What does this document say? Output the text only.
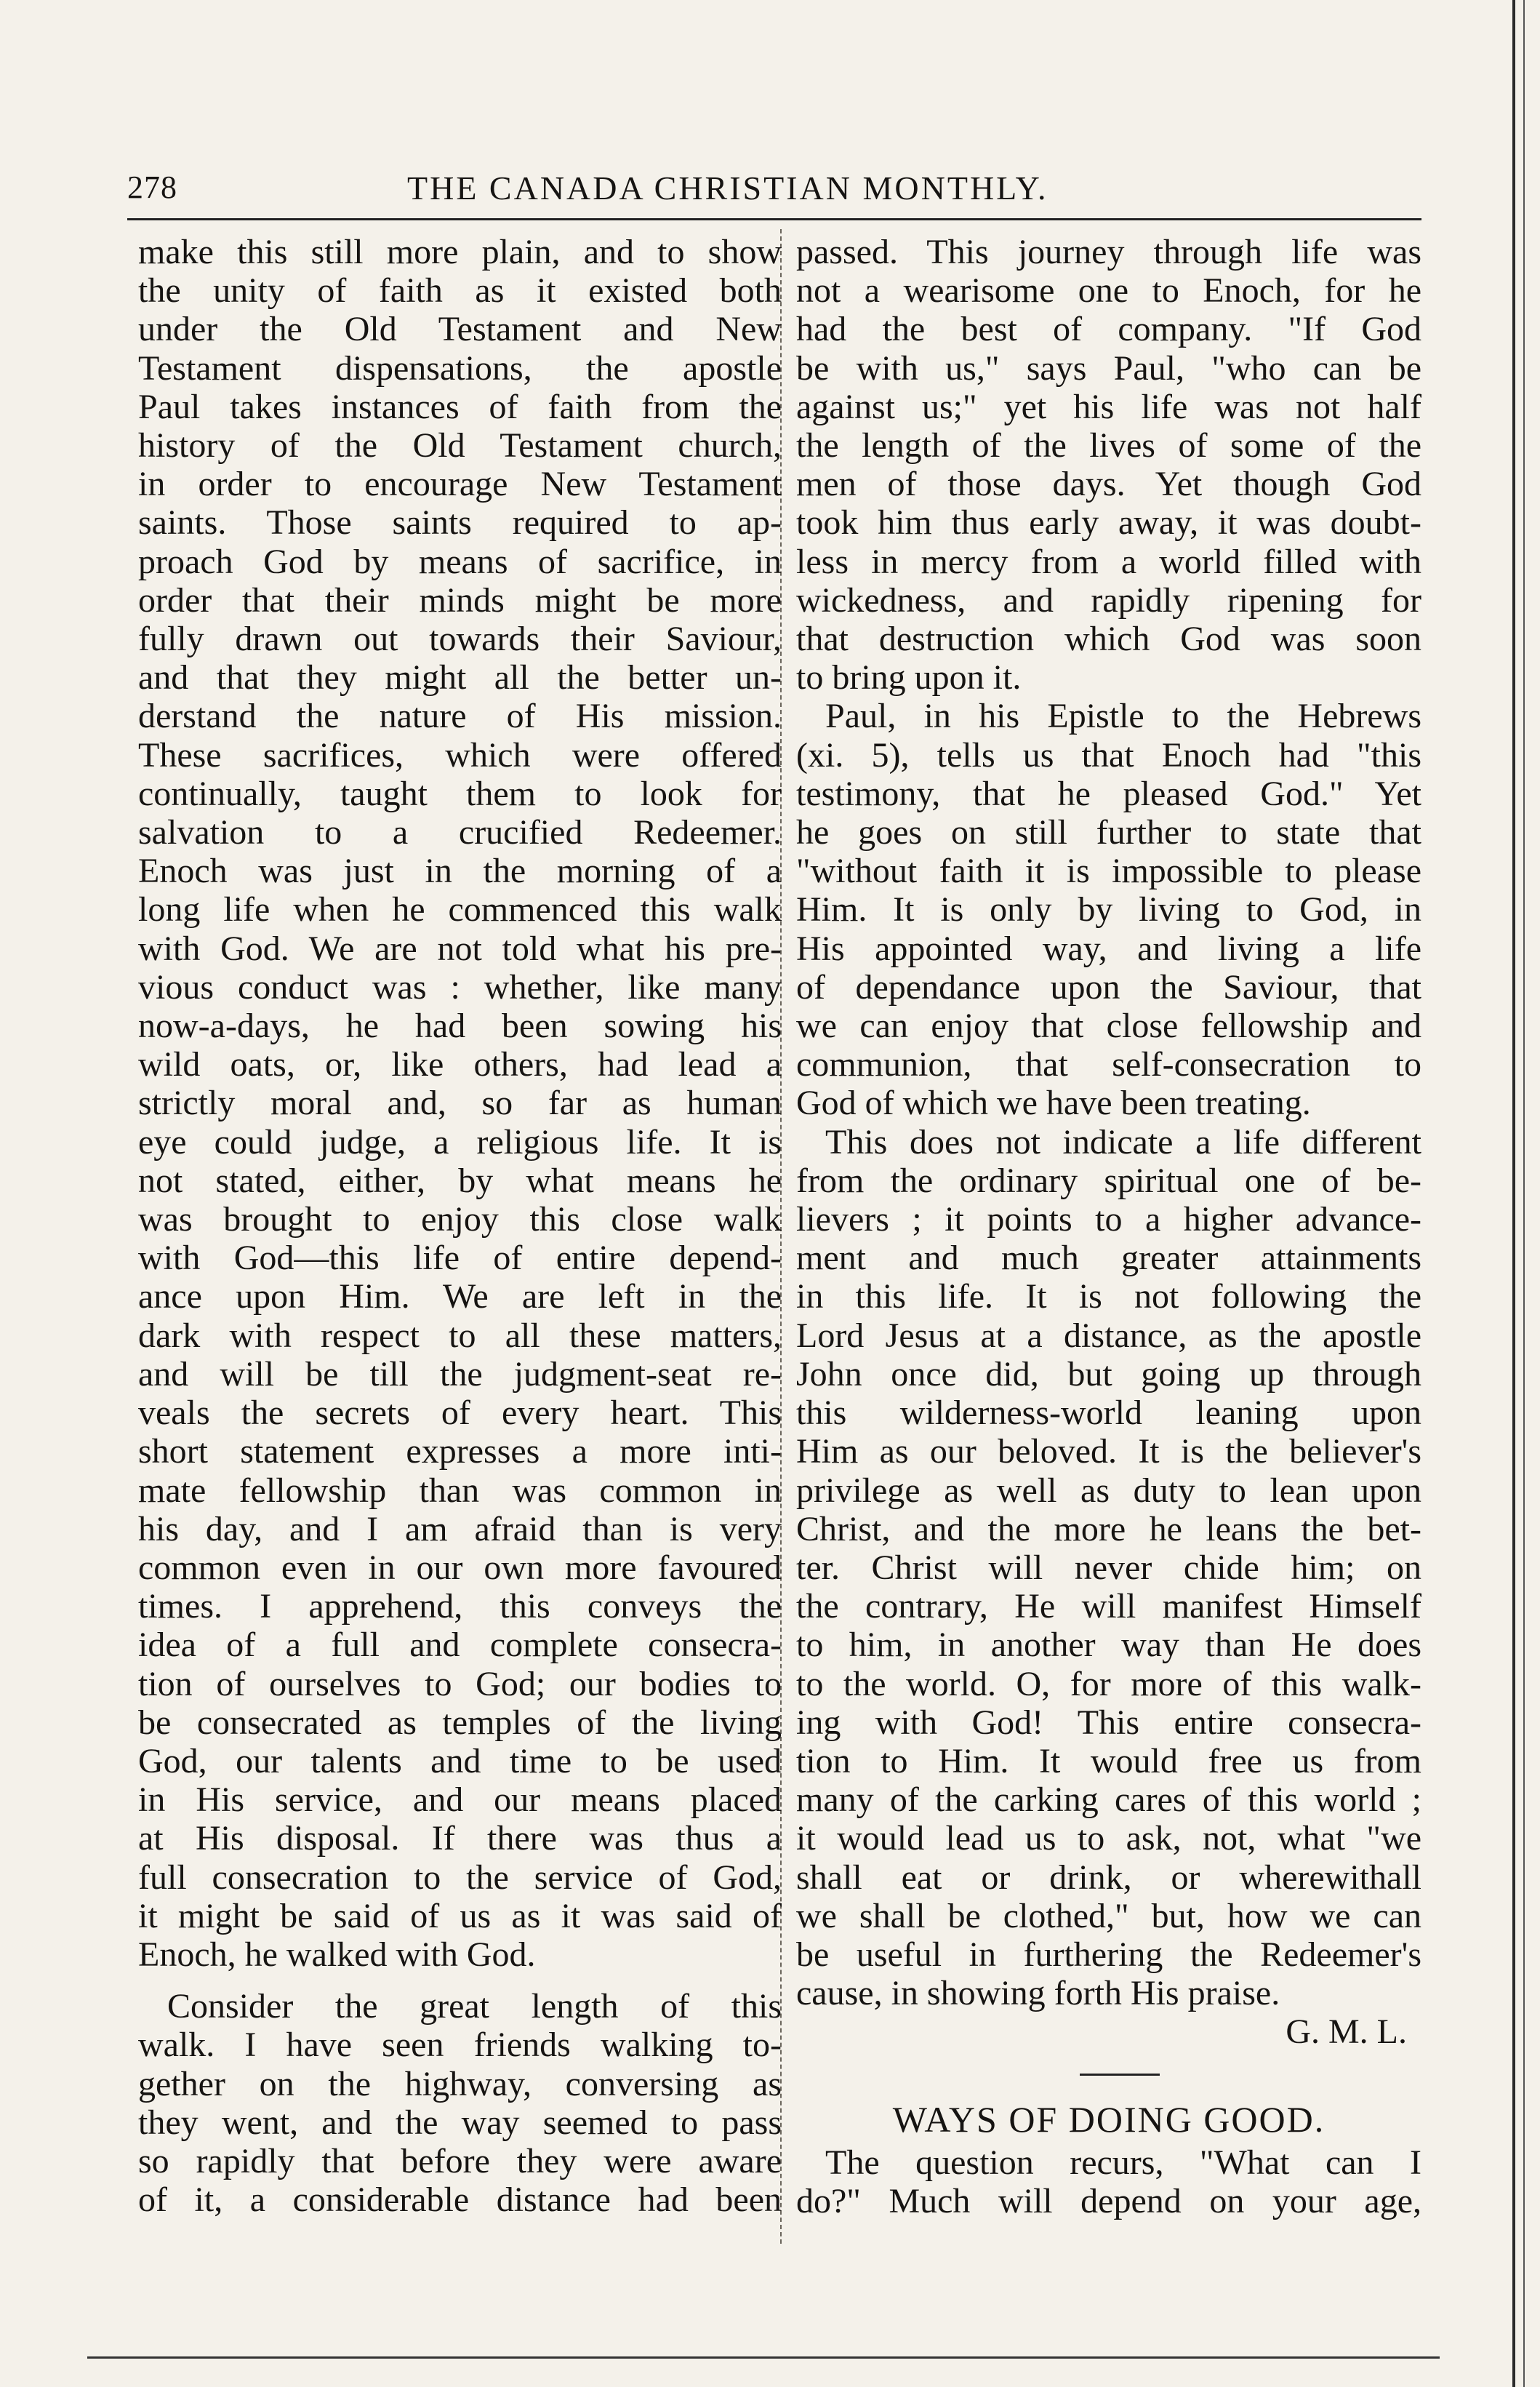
278	THE CANADA CHRISTIAN MONTHLY.
make this still more plain, and to show
the unity of faith as it existed both
under the Old Testament and New
Testament dispensations, the apostle
Paul takes instances of faith from the
history of the Old Testament church,
in order to encourage New Testament
saints. Those saints required to ap-
proach God by means of sacrifice, in
order that their minds might be more
fully drawn out towards their Saviour,
and that they might all the better un-
derstand the nature of His mission.
These sacrifices, which were offered
continually, taught them to look for
salvation to a crucified Redeemer.
Enoch was just in the morning of a
long life when he commenced this walk
with God. We are not told what his pre-
vious conduct was : whether, like many
now-a-days, he had been sowing his
wild oats, or, like others, had lead a
strictly moral and, so far as human
eye could judge, a religious life. It is
not stated, either, by what means he
was brought to enjoy this close walk
with God—this life of entire depend-
ance upon Him. We are left in the
dark with respect to all these matters,
and will be till the judgment-seat re-
veals the secrets of every heart. This
short statement expresses a more inti-
mate fellowship than was common in
his day, and I am afraid than is very
common even in our own more favoured
times. I apprehend, this conveys the
idea of a full and complete consecra-
tion of ourselves to God; our bodies to
be consecrated as temples of the living
God, our talents and time to be used
in His service, and our means placed
at His disposal. If there was thus a
full consecration to the service of God,
it might be said of us as it was said of
Enoch, he walked with God.
Consider the great length of this
walk. I have seen friends walking to-
gether on the highway, conversing as
they went, and the way seemed to pass
so rapidly that before they were aware
of it, a considerable distance had been
passed. This journey through life was
not a wearisome one to Enoch, for he
had the best of company. "If God
be with us," says Paul, "who can be
against us;" yet his life was not half
the length of the lives of some of the
men of those days. Yet though God
took him thus early away, it was doubt-
less in mercy from a world filled with
wickedness, and rapidly ripening for
that destruction which God was soon
to bring upon it.
Paul, in his Epistle to the Hebrews
(xi. 5), tells us that Enoch had "this
testimony, that he pleased God." Yet
he goes on still further to state that
"without faith it is impossible to please
Him. It is only by living to God, in
His appointed way, and living a life
of dependance upon the Saviour, that
we can enjoy that close fellowship and
communion, that self-consecration to
God of which we have been treating.
This does not indicate a life different
from the ordinary spiritual one of be-
lievers ; it points to a higher advance-
ment and much greater attainments
in this life. It is not following the
Lord Jesus at a distance, as the apostle
John once did, but going up through
this wilderness-world leaning upon
Him as our beloved. It is the believer's
privilege as well as duty to lean upon
Christ, and the more he leans the bet-
ter. Christ will never chide him; on
the contrary, He will manifest Himself
to him, in another way than He does
to the world. O, for more of this walk-
ing with God! This entire consecra-
tion to Him. It would free us from
many of the carking cares of this world ;
it would lead us to ask, not, what "we
shall eat or drink, or wherewithall
we shall be clothed," but, how we can
be useful in furthering the Redeemer's
cause, in showing forth His praise.
G. M. L.
WAYS OF DOING GOOD.
The question recurs, "What can I
do?" Much will depend on your age,
